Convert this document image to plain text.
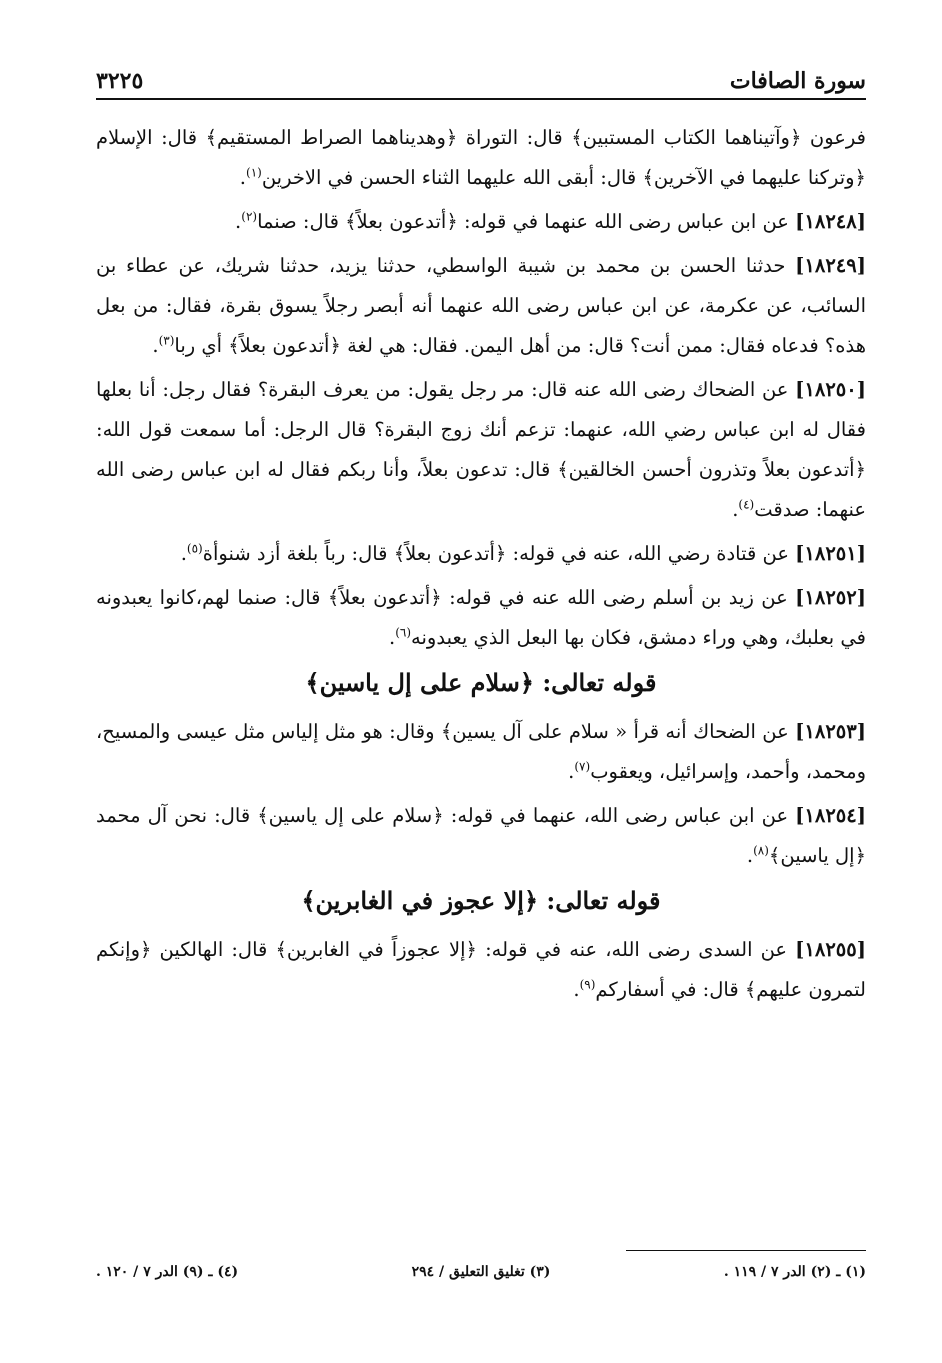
سورة الصافات
٣٢٢٥

فرعون ﴿وآتيناهما الكتاب المستبين﴾ قال: التوراة ﴿وهديناهما الصراط المستقيم﴾ قال: الإسلام ﴿وتركنا عليهما في الآخرين﴾ قال: أبقى الله عليهما الثناء الحسن في الاخرين$^{(١)}$.

[١٨٢٤٨] عن ابن عباس رضى الله عنهما في قوله: ﴿أتدعون بعلاً﴾ قال: صنما$^{(٢)}$.

[١٨٢٤٩] حدثنا الحسن بن محمد بن شيبة الواسطي، حدثنا يزيد، حدثنا شريك، عن عطاء بن السائب، عن عكرمة، عن ابن عباس رضى الله عنهما أنه أبصر رجلاً يسوق بقرة، فقال: من بعل هذه؟ فدعاه فقال: ممن أنت؟ قال: من أهل اليمن. فقال: هي لغة ﴿أتدعون بعلاً﴾ أي ربا$^{(٣)}$.

[١٨٢٥٠] عن الضحاك رضى الله عنه قال: مر رجل يقول: من يعرف البقرة؟ فقال رجل: أنا بعلها فقال له ابن عباس رضي الله، عنهما: تزعم أنك زوج البقرة؟ قال الرجل: أما سمعت قول الله: ﴿أتدعون بعلاً وتذرون أحسن الخالقين﴾ قال: تدعون بعلاً، وأنا ربكم فقال له ابن عباس رضى الله عنهما: صدقت$^{(٤)}$.

[١٨٢٥١] عن قتادة رضي الله، عنه في قوله: ﴿أتدعون بعلاً﴾ قال: رباً بلغة أزد شنوأة$^{(٥)}$.

[١٨٢٥٢] عن زيد بن أسلم رضى الله عنه في قوله: ﴿أتدعون بعلاً﴾ قال: صنما لهم،كانوا يعبدونه في بعلبك، وهي وراء دمشق، فكان بها البعل الذي يعبدونه$^{(٦)}$.

قوله تعالى: ﴿سلام على إل ياسين﴾

[١٨٢٥٣] عن الضحاك أنه قرأ « سلام على آل يسين﴾ وقال: هو مثل إلياس مثل عيسى والمسيح، ومحمد، وأحمد، وإسرائيل، ويعقوب$^{(٧)}$.

[١٨٢٥٤] عن ابن عباس رضى الله، عنهما في قوله: ﴿سلام على إل ياسين﴾ قال: نحن آل محمد ﴿إل ياسين﴾$^{(٨)}$.

قوله تعالى: ﴿إلا عجوز في الغابرين﴾

[١٨٢٥٥] عن السدى رضى الله، عنه في قوله: ﴿إلا عجوزاً في الغابرين﴾ قال: الهالكين ﴿وإنكم لتمرون عليهم﴾ قال: في أسفاركم$^{(٩)}$.

(١) ـ (٢) الدر ٧ / ١١٩ .
(٣) تغليق التعليق / ٢٩٤
(٤) ـ (٩) الدر ٧ / ١٢٠ .
